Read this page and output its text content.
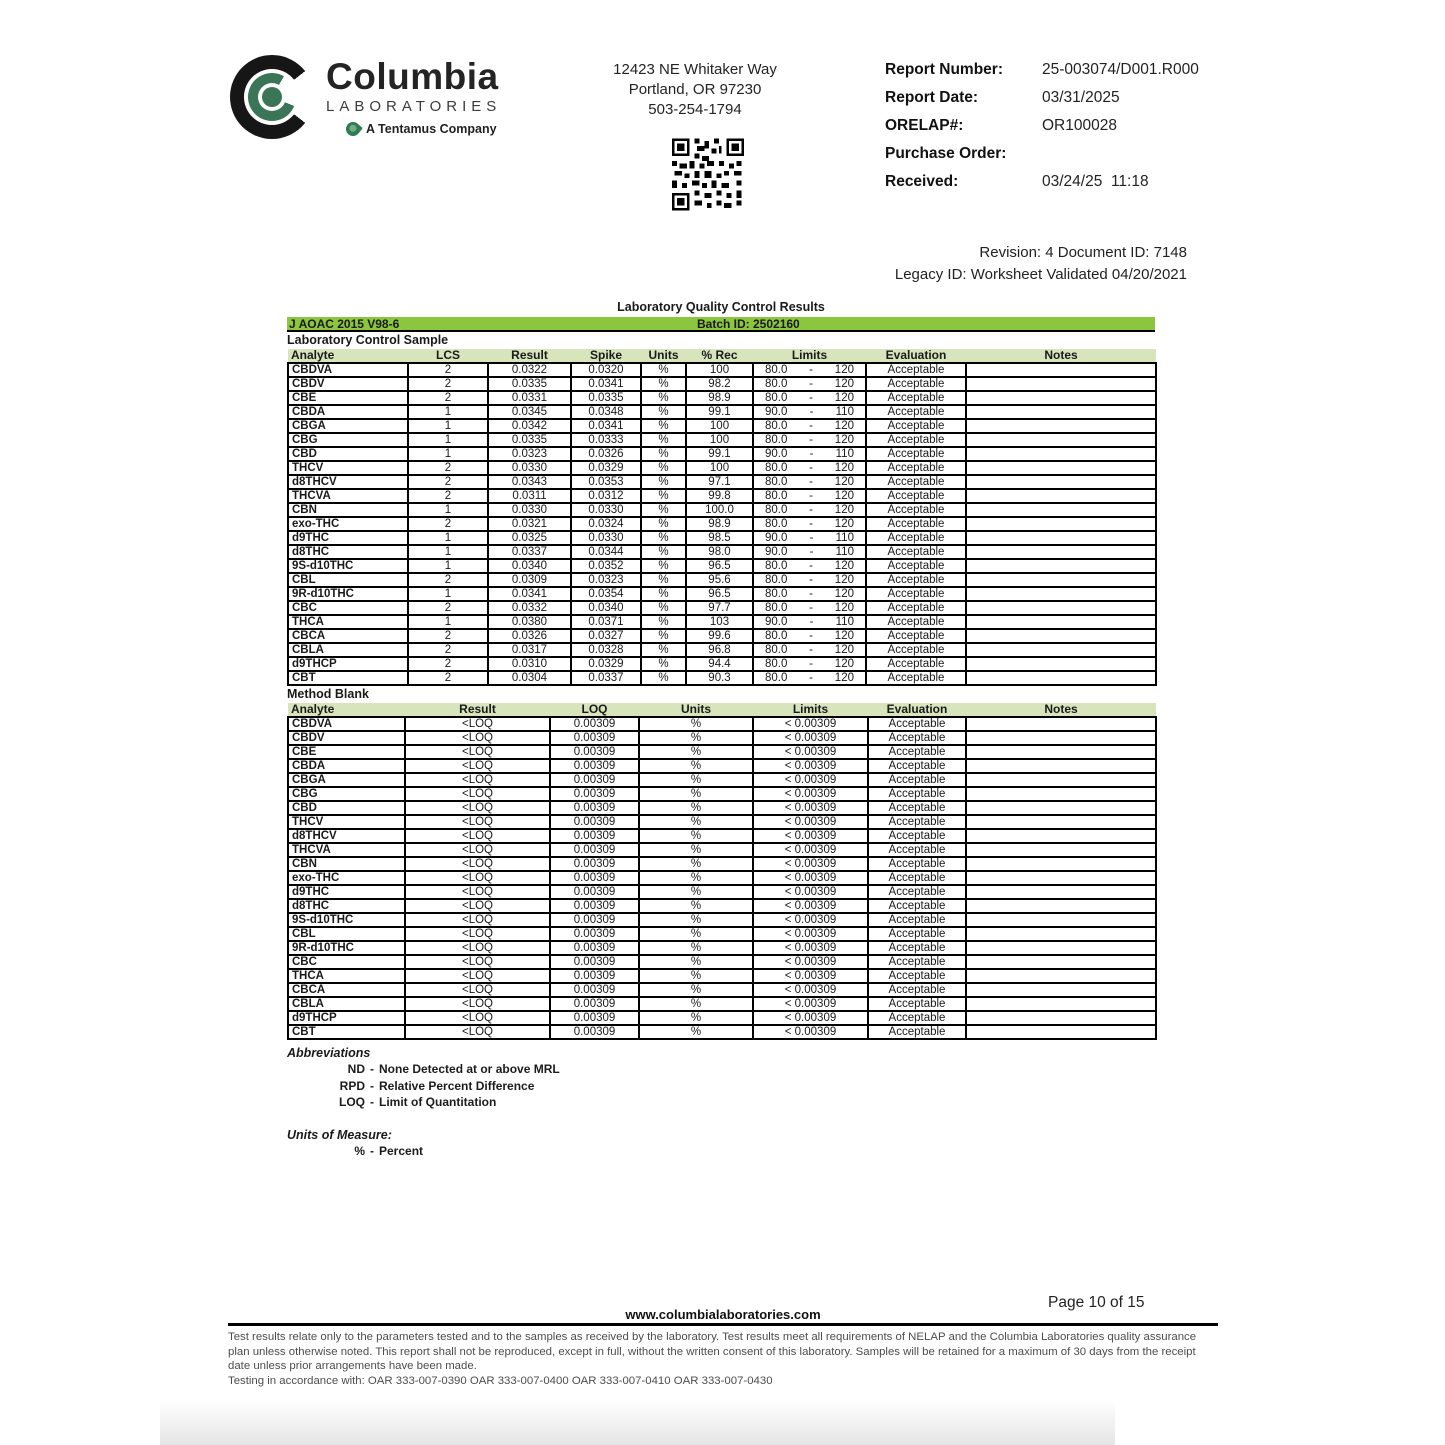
Columbia
LABORATORIES
A Tentamus Company
12423 NE Whitaker Way
Portland, OR 97230
503-254-1794
Report Number:	25-003074/D001.R000
Report Date:	03/31/2025
ORELAP#:	OR100028
Purchase Order:
Received:	03/24/25  11:18
Revision: 4 Document ID: 7148
Legacy ID: Worksheet Validated 04/20/2021
Laboratory Quality Control Results
J AOAC 2015 V98-6	Batch ID: 2502160
Laboratory Control Sample
Analyte	LCS	Result	Spike	Units	% Rec	Limits	Evaluation	Notes
CBDVA	2	0.0322	0.0320	%	100	80.0 - 120	Acceptable	
CBDV	2	0.0335	0.0341	%	98.2	80.0 - 120	Acceptable	
CBE	2	0.0331	0.0335	%	98.9	80.0 - 120	Acceptable	
CBDA	1	0.0345	0.0348	%	99.1	90.0 - 110	Acceptable	
CBGA	1	0.0342	0.0341	%	100	80.0 - 120	Acceptable	
CBG	1	0.0335	0.0333	%	100	80.0 - 120	Acceptable	
CBD	1	0.0323	0.0326	%	99.1	90.0 - 110	Acceptable	
THCV	2	0.0330	0.0329	%	100	80.0 - 120	Acceptable	
d8THCV	2	0.0343	0.0353	%	97.1	80.0 - 120	Acceptable	
THCVA	2	0.0311	0.0312	%	99.8	80.0 - 120	Acceptable	
CBN	1	0.0330	0.0330	%	100.0	80.0 - 120	Acceptable	
exo-THC	2	0.0321	0.0324	%	98.9	80.0 - 120	Acceptable	
d9THC	1	0.0325	0.0330	%	98.5	90.0 - 110	Acceptable	
d8THC	1	0.0337	0.0344	%	98.0	90.0 - 110	Acceptable	
9S-d10THC	1	0.0340	0.0352	%	96.5	80.0 - 120	Acceptable	
CBL	2	0.0309	0.0323	%	95.6	80.0 - 120	Acceptable	
9R-d10THC	1	0.0341	0.0354	%	96.5	80.0 - 120	Acceptable	
CBC	2	0.0332	0.0340	%	97.7	80.0 - 120	Acceptable	
THCA	1	0.0380	0.0371	%	103	90.0 - 110	Acceptable	
CBCA	2	0.0326	0.0327	%	99.6	80.0 - 120	Acceptable	
CBLA	2	0.0317	0.0328	%	96.8	80.0 - 120	Acceptable	
d9THCP	2	0.0310	0.0329	%	94.4	80.0 - 120	Acceptable	
CBT	2	0.0304	0.0337	%	90.3	80.0 - 120	Acceptable	
Method Blank
Analyte	Result	LOQ	Units	Limits	Evaluation	Notes
CBDVA	<LOQ	0.00309	%	< 0.00309	Acceptable	
CBDV	<LOQ	0.00309	%	< 0.00309	Acceptable	
CBE	<LOQ	0.00309	%	< 0.00309	Acceptable	
CBDA	<LOQ	0.00309	%	< 0.00309	Acceptable	
CBGA	<LOQ	0.00309	%	< 0.00309	Acceptable	
CBG	<LOQ	0.00309	%	< 0.00309	Acceptable	
CBD	<LOQ	0.00309	%	< 0.00309	Acceptable	
THCV	<LOQ	0.00309	%	< 0.00309	Acceptable	
d8THCV	<LOQ	0.00309	%	< 0.00309	Acceptable	
THCVA	<LOQ	0.00309	%	< 0.00309	Acceptable	
CBN	<LOQ	0.00309	%	< 0.00309	Acceptable	
exo-THC	<LOQ	0.00309	%	< 0.00309	Acceptable	
d9THC	<LOQ	0.00309	%	< 0.00309	Acceptable	
d8THC	<LOQ	0.00309	%	< 0.00309	Acceptable	
9S-d10THC	<LOQ	0.00309	%	< 0.00309	Acceptable	
CBL	<LOQ	0.00309	%	< 0.00309	Acceptable	
9R-d10THC	<LOQ	0.00309	%	< 0.00309	Acceptable	
CBC	<LOQ	0.00309	%	< 0.00309	Acceptable	
THCA	<LOQ	0.00309	%	< 0.00309	Acceptable	
CBCA	<LOQ	0.00309	%	< 0.00309	Acceptable	
CBLA	<LOQ	0.00309	%	< 0.00309	Acceptable	
d9THCP	<LOQ	0.00309	%	< 0.00309	Acceptable	
CBT	<LOQ	0.00309	%	< 0.00309	Acceptable	
Abbreviations
ND - None Detected at or above MRL
RPD - Relative Percent Difference
LOQ - Limit of Quantitation
Units of Measure:
% - Percent
Page 10 of 15
www.columbialaboratories.com
Test results relate only to the parameters tested and to the samples as received by the laboratory. Test results meet all requirements of NELAP and the Columbia Laboratories quality assurance plan unless otherwise noted. This report shall not be reproduced, except in full, without the written consent of this laboratory. Samples will be retained for a maximum of 30 days from the receipt date unless prior arrangements have been made.
Testing in accordance with: OAR 333-007-0390 OAR 333-007-0400 OAR 333-007-0410 OAR 333-007-0430
